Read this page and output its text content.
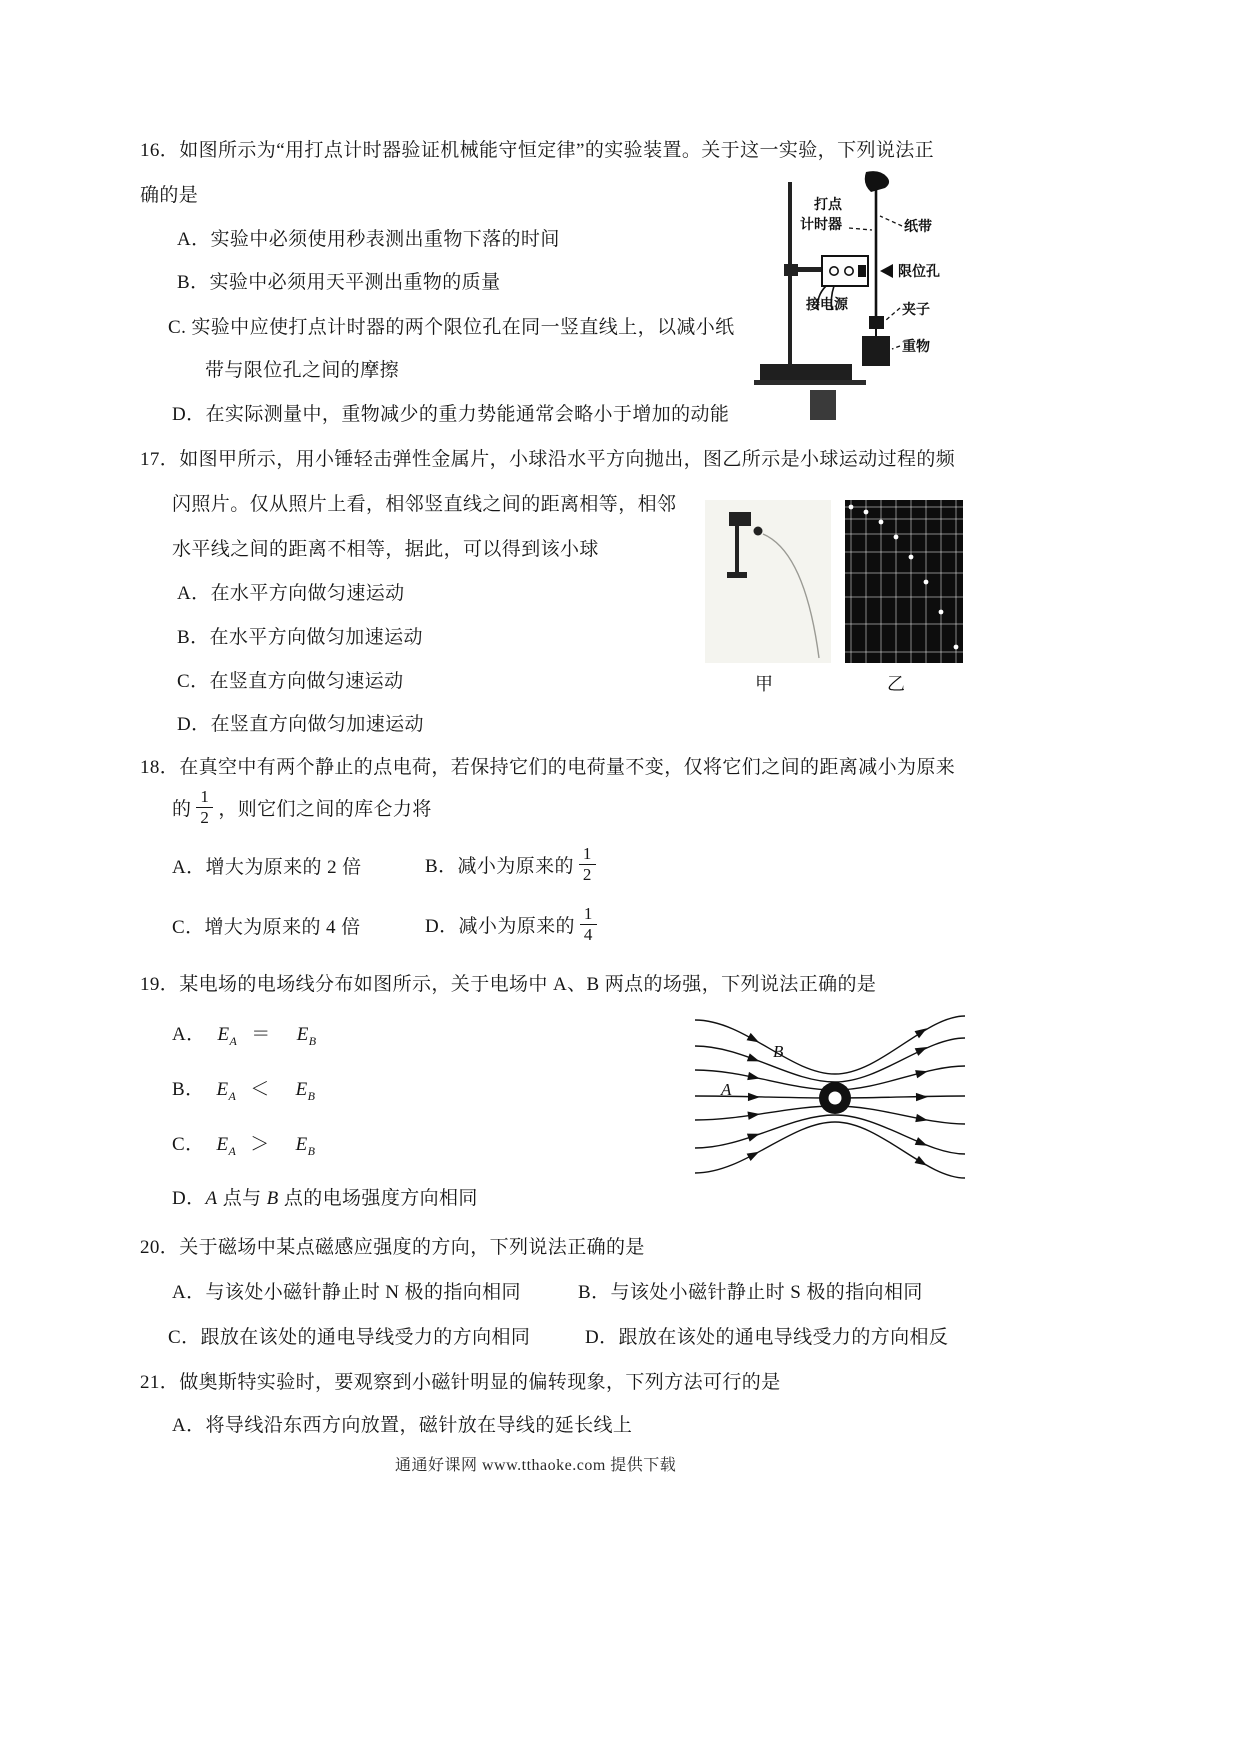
16．如图所示为“用打点计时器验证机械能守恒定律”的实验装置。关于这一实验，下列说法正
确的是
A．实验中必须使用秒表测出重物下落的时间
B．实验中必须用天平测出重物的质量
C. 实验中应使打点计时器的两个限位孔在同一竖直线上，以减小纸
带与限位孔之间的摩擦
D．在实际测量中，重物减少的重力势能通常会略小于增加的动能
打点
计时器	纸带
限位孔
接电源	夹子
重物
17．如图甲所示，用小锤轻击弹性金属片，小球沿水平方向抛出，图乙所示是小球运动过程的频
闪照片。仅从照片上看，相邻竖直线之间的距离相等，相邻
水平线之间的距离不相等，据此，可以得到该小球
A．在水平方向做匀速运动
B．在水平方向做匀加速运动
C．在竖直方向做匀速运动
D．在竖直方向做匀加速运动
甲	乙
18．在真空中有两个静止的点电荷，若保持它们的电荷量不变，仅将它们之间的距离减小为原来
的 $\frac{1}{2}$ ，则它们之间的库仑力将
A．增大为原来的 2 倍	B．减小为原来的 $\frac{1}{2}$
C．增大为原来的 4 倍	D．减小为原来的 $\frac{1}{4}$
19．某电场的电场线分布如图所示，关于电场中 A、B 两点的场强，下列说法正确的是
A． $E_A = E_B$
B． $E_A < E_B$
C． $E_A > E_B$
D．A 点与 B 点的电场强度方向相同
B
A
20．关于磁场中某点磁感应强度的方向，下列说法正确的是
A．与该处小磁针静止时 N 极的指向相同	B．与该处小磁针静止时 S 极的指向相同
C．跟放在该处的通电导线受力的方向相同	D．跟放在该处的通电导线受力的方向相反
21．做奥斯特实验时，要观察到小磁针明显的偏转现象，下列方法可行的是
A．将导线沿东西方向放置，磁针放在导线的延长线上
通通好课网 www.tthaoke.com 提供下载
